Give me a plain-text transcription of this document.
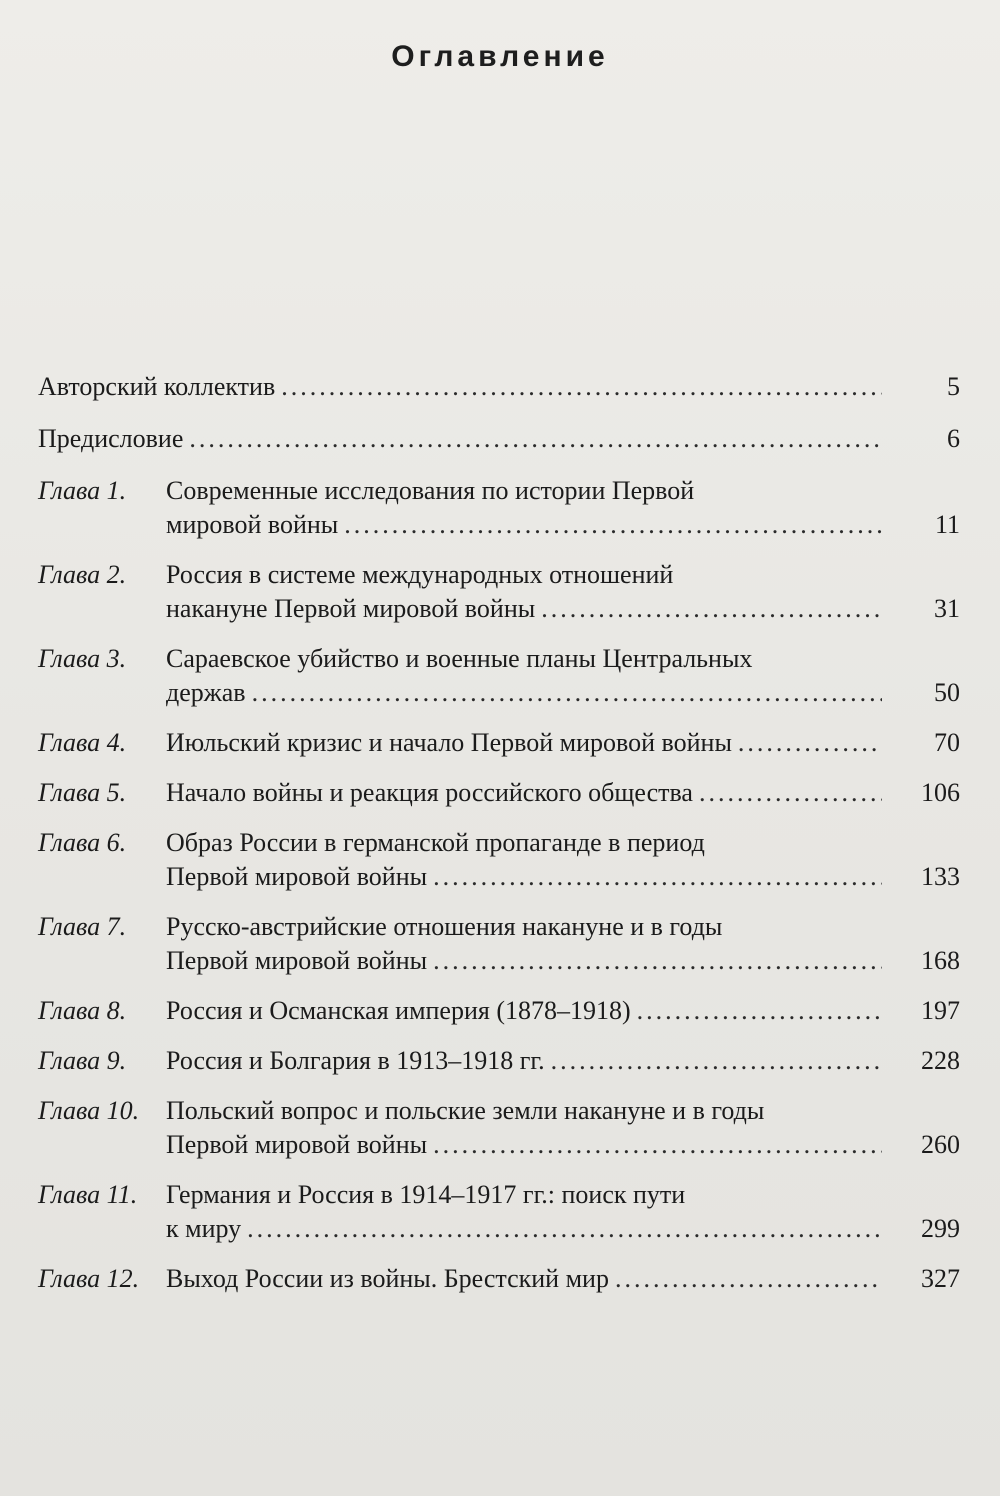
Оглавление
Авторский коллектив .....	5
Предисловие .....	6
Глава 1. Современные исследования по истории Первой
мировой войны .....	11
Глава 2. Россия в системе международных отношений
накануне Первой мировой войны .....	31
Глава 3. Сараевское убийство и военные планы Центральных
держав .....	50
Глава 4. Июльский кризис и начало Первой мировой войны .....	70
Глава 5. Начало войны и реакция российского общества .....	106
Глава 6. Образ России в германской пропаганде в период
Первой мировой войны .....	133
Глава 7. Русско-австрийские отношения накануне и в годы
Первой мировой войны .....	168
Глава 8. Россия и Османская империя (1878–1918) .....	197
Глава 9. Россия и Болгария в 1913–1918 гг. .....	228
Глава 10. Польский вопрос и польские земли накануне и в годы
Первой мировой войны .....	260
Глава 11. Германия и Россия в 1914–1917 гг.: поиск пути
к миру .....	299
Глава 12. Выход России из войны. Брестский мир .....	327
